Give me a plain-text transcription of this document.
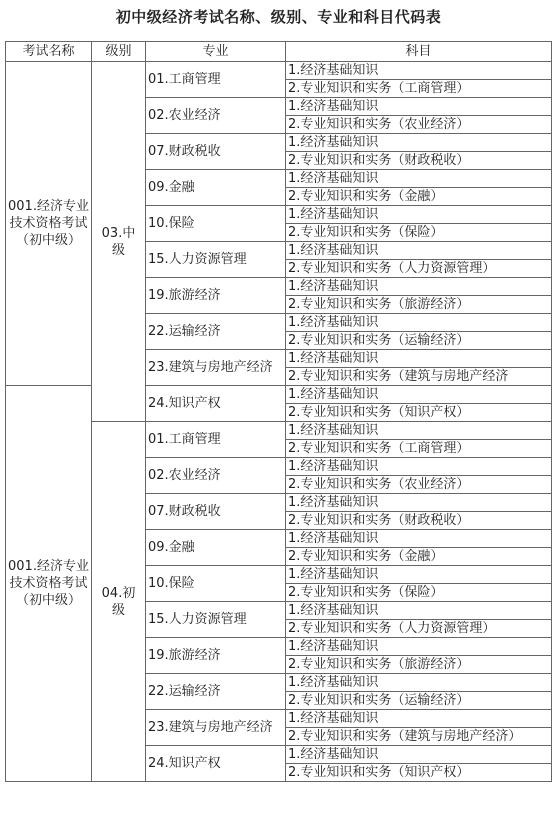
初中级经济考试名称、级别、专业和科目代码表
考试名称	级别	专业	科目
001.经济专业技术资格考试（初中级）	03.中级	01.工商管理	1.经济基础知识
			2.专业知识和实务（工商管理）
		02.农业经济	1.经济基础知识
			2.专业知识和实务（农业经济）
		07.财政税收	1.经济基础知识
			2.专业知识和实务（财政税收）
		09.金融	1.经济基础知识
			2.专业知识和实务（金融）
		10.保险	1.经济基础知识
			2.专业知识和实务（保险）
		15.人力资源管理	1.经济基础知识
			2.专业知识和实务（人力资源管理）
		19.旅游经济	1.经济基础知识
			2.专业知识和实务（旅游经济）
		22.运输经济	1.经济基础知识
			2.专业知识和实务（运输经济）
		23.建筑与房地产经济	1.经济基础知识
			2.专业知识和实务（建筑与房地产经济
001.经济专业技术资格考试（初中级）		24.知识产权	1.经济基础知识
			2.专业知识和实务（知识产权）
	04.初级	01.工商管理	1.经济基础知识
			2.专业知识和实务（工商管理）
		02.农业经济	1.经济基础知识
			2.专业知识和实务（农业经济）
		07.财政税收	1.经济基础知识
			2.专业知识和实务（财政税收）
		09.金融	1.经济基础知识
			2.专业知识和实务（金融）
		10.保险	1.经济基础知识
			2.专业知识和实务（保险）
		15.人力资源管理	1.经济基础知识
			2.专业知识和实务（人力资源管理）
		19.旅游经济	1.经济基础知识
			2.专业知识和实务（旅游经济）
		22.运输经济	1.经济基础知识
			2.专业知识和实务（运输经济）
		23.建筑与房地产经济	1.经济基础知识
			2.专业知识和实务（建筑与房地产经济）
		24.知识产权	1.经济基础知识
			2.专业知识和实务（知识产权）
